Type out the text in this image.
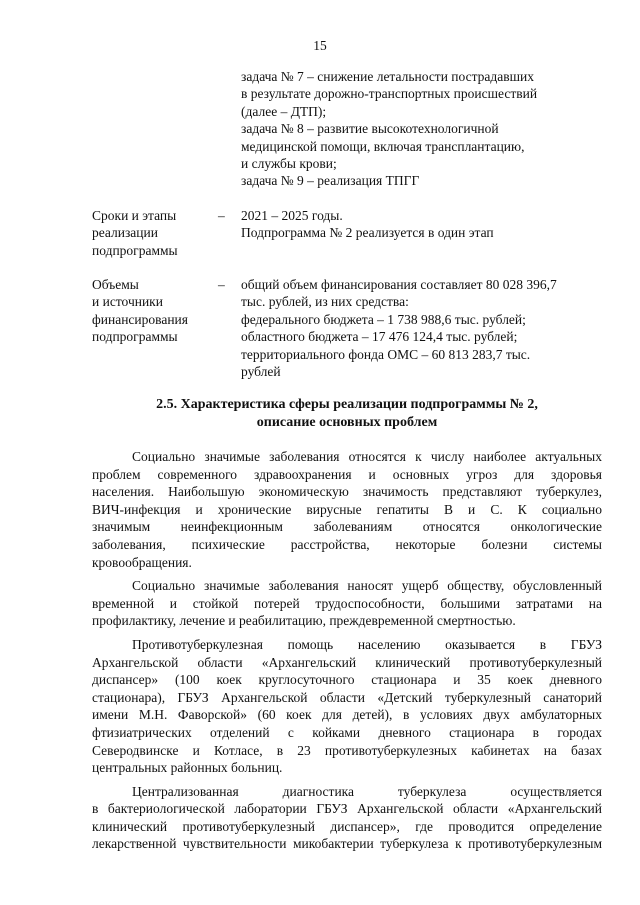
15
задача № 7 – снижение летальности пострадавших
в результате дорожно-транспортных происшествий
(далее – ДТП);
задача № 8 – развитие высокотехнологичной
медицинской помощи, включая трансплантацию,
и службы крови;
задача № 9 – реализация ТПГГ
Сроки и этапы
реализации
подпрограммы
– 2021 – 2025 годы.
Подпрограмма № 2 реализуется в один этап
Объемы
и источники
финансирования
подпрограммы
– общий объем финансирования составляет 80 028 396,7
тыс. рублей, из них средства:
федерального бюджета – 1 738 988,6 тыс. рублей;
областного бюджета – 17 476 124,4 тыс. рублей;
территориального фонда ОМС – 60 813 283,7 тыс.
рублей
2.5. Характеристика сферы реализации подпрограммы № 2,
описание основных проблем
Социально значимые заболевания относятся к числу наиболее актуальных
проблем современного здравоохранения и основных угроз для здоровья
населения. Наибольшую экономическую значимость представляют туберкулез,
ВИЧ-инфекция и хронические вирусные гепатиты В и С. К социально
значимым неинфекционным заболеваниям относятся онкологические
заболевания, психические расстройства, некоторые болезни системы
кровообращения.
Социально значимые заболевания наносят ущерб обществу, обусловленный
временной и стойкой потерей трудоспособности, большими затратами на
профилактику, лечение и реабилитацию, преждевременной смертностью.
Противотуберкулезная помощь населению оказывается в ГБУЗ
Архангельской области «Архангельский клинический противотуберкулезный
диспансер» (100 коек круглосуточного стационара и 35 коек дневного
стационара), ГБУЗ Архангельской области «Детский туберкулезный санаторий
имени М.Н. Фаворской» (60 коек для детей), в условиях двух амбулаторных
фтизиатрических отделений с койками дневного стационара в городах
Северодвинске и Котласе, в 23 противотуберкулезных кабинетах на базах
центральных районных больниц.
Централизованная диагностика туберкулеза осуществляется
в бактериологической лаборатории ГБУЗ Архангельской области «Архангельский
клинический противотуберкулезный диспансер», где проводится определение
лекарственной чувствительности микобактерии туберкулеза к противотуберкулезным
